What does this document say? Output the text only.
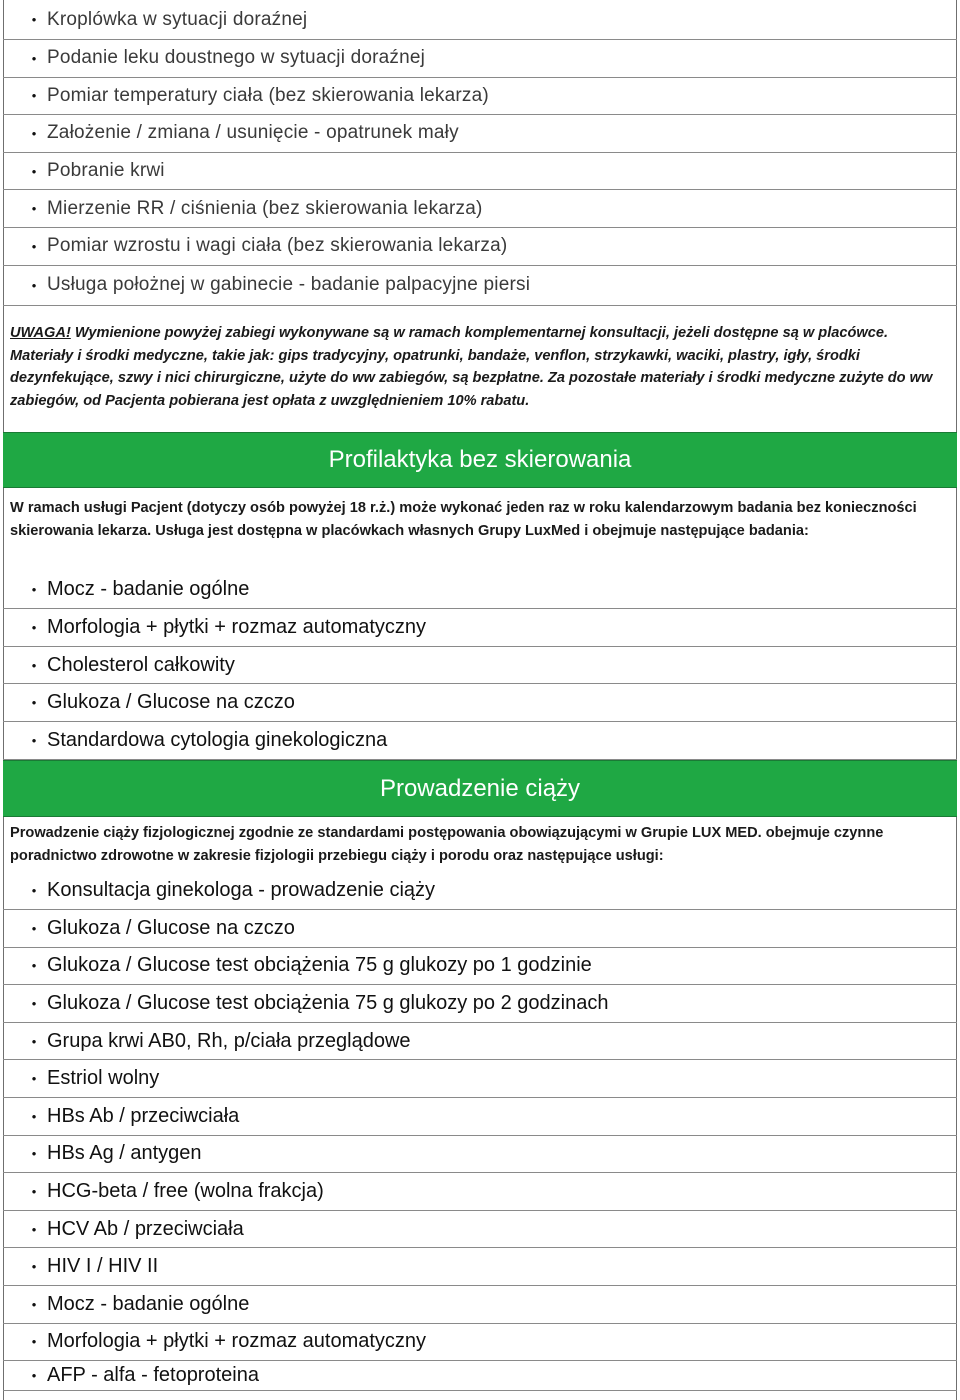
• Kroplówka w sytuacji doraźnej
• Podanie leku doustnego w sytuacji doraźnej
• Pomiar temperatury ciała (bez skierowania lekarza)
• Założenie / zmiana / usunięcie - opatrunek mały
• Pobranie krwi
• Mierzenie RR / ciśnienia (bez skierowania lekarza)
• Pomiar wzrostu i wagi ciała (bez skierowania lekarza)
• Usługa położnej w gabinecie - badanie palpacyjne piersi
UWAGA! Wymienione powyżej zabiegi wykonywane są w ramach komplementarnej konsultacji, jeżeli dostępne są w placówce. Materiały i środki medyczne, takie jak: gips tradycyjny, opatrunki, bandaże, venflon, strzykawki, waciki, plastry, igły, środki dezynfekujące, szwy i nici chirurgiczne, użyte do ww zabiegów, są bezpłatne. Za pozostałe materiały i środki medyczne zużyte do ww zabiegów, od Pacjenta pobierana jest opłata z uwzględnieniem 10% rabatu.
Profilaktyka bez skierowania
W ramach usługi Pacjent (dotyczy osób powyżej 18 r.ż.) może wykonać jeden raz w roku kalendarzowym badania bez konieczności skierowania lekarza. Usługa jest dostępna w placówkach własnych Grupy LuxMed i obejmuje następujące badania:
• Mocz - badanie ogólne
• Morfologia + płytki + rozmaz automatyczny
• Cholesterol całkowity
• Glukoza / Glucose na czczo
• Standardowa cytologia ginekologiczna
Prowadzenie ciąży
Prowadzenie ciąży fizjologicznej zgodnie ze standardami postępowania obowiązującymi w Grupie LUX MED. obejmuje czynne poradnictwo zdrowotne w zakresie fizjologii przebiegu ciąży i porodu oraz następujące usługi:
• Konsultacja ginekologa - prowadzenie ciąży
• Glukoza / Glucose na czczo
• Glukoza / Glucose test obciążenia 75 g glukozy po 1 godzinie
• Glukoza / Glucose test obciążenia 75 g glukozy po 2 godzinach
• Grupa krwi AB0, Rh, p/ciała przeglądowe
• Estriol wolny
• HBs Ab / przeciwciała
• HBs Ag / antygen
• HCG-beta / free (wolna frakcja)
• HCV Ab / przeciwciała
• HIV I / HIV II
• Mocz - badanie ogólne
• Morfologia + płytki + rozmaz automatyczny
• AFP - alfa - fetoproteina
